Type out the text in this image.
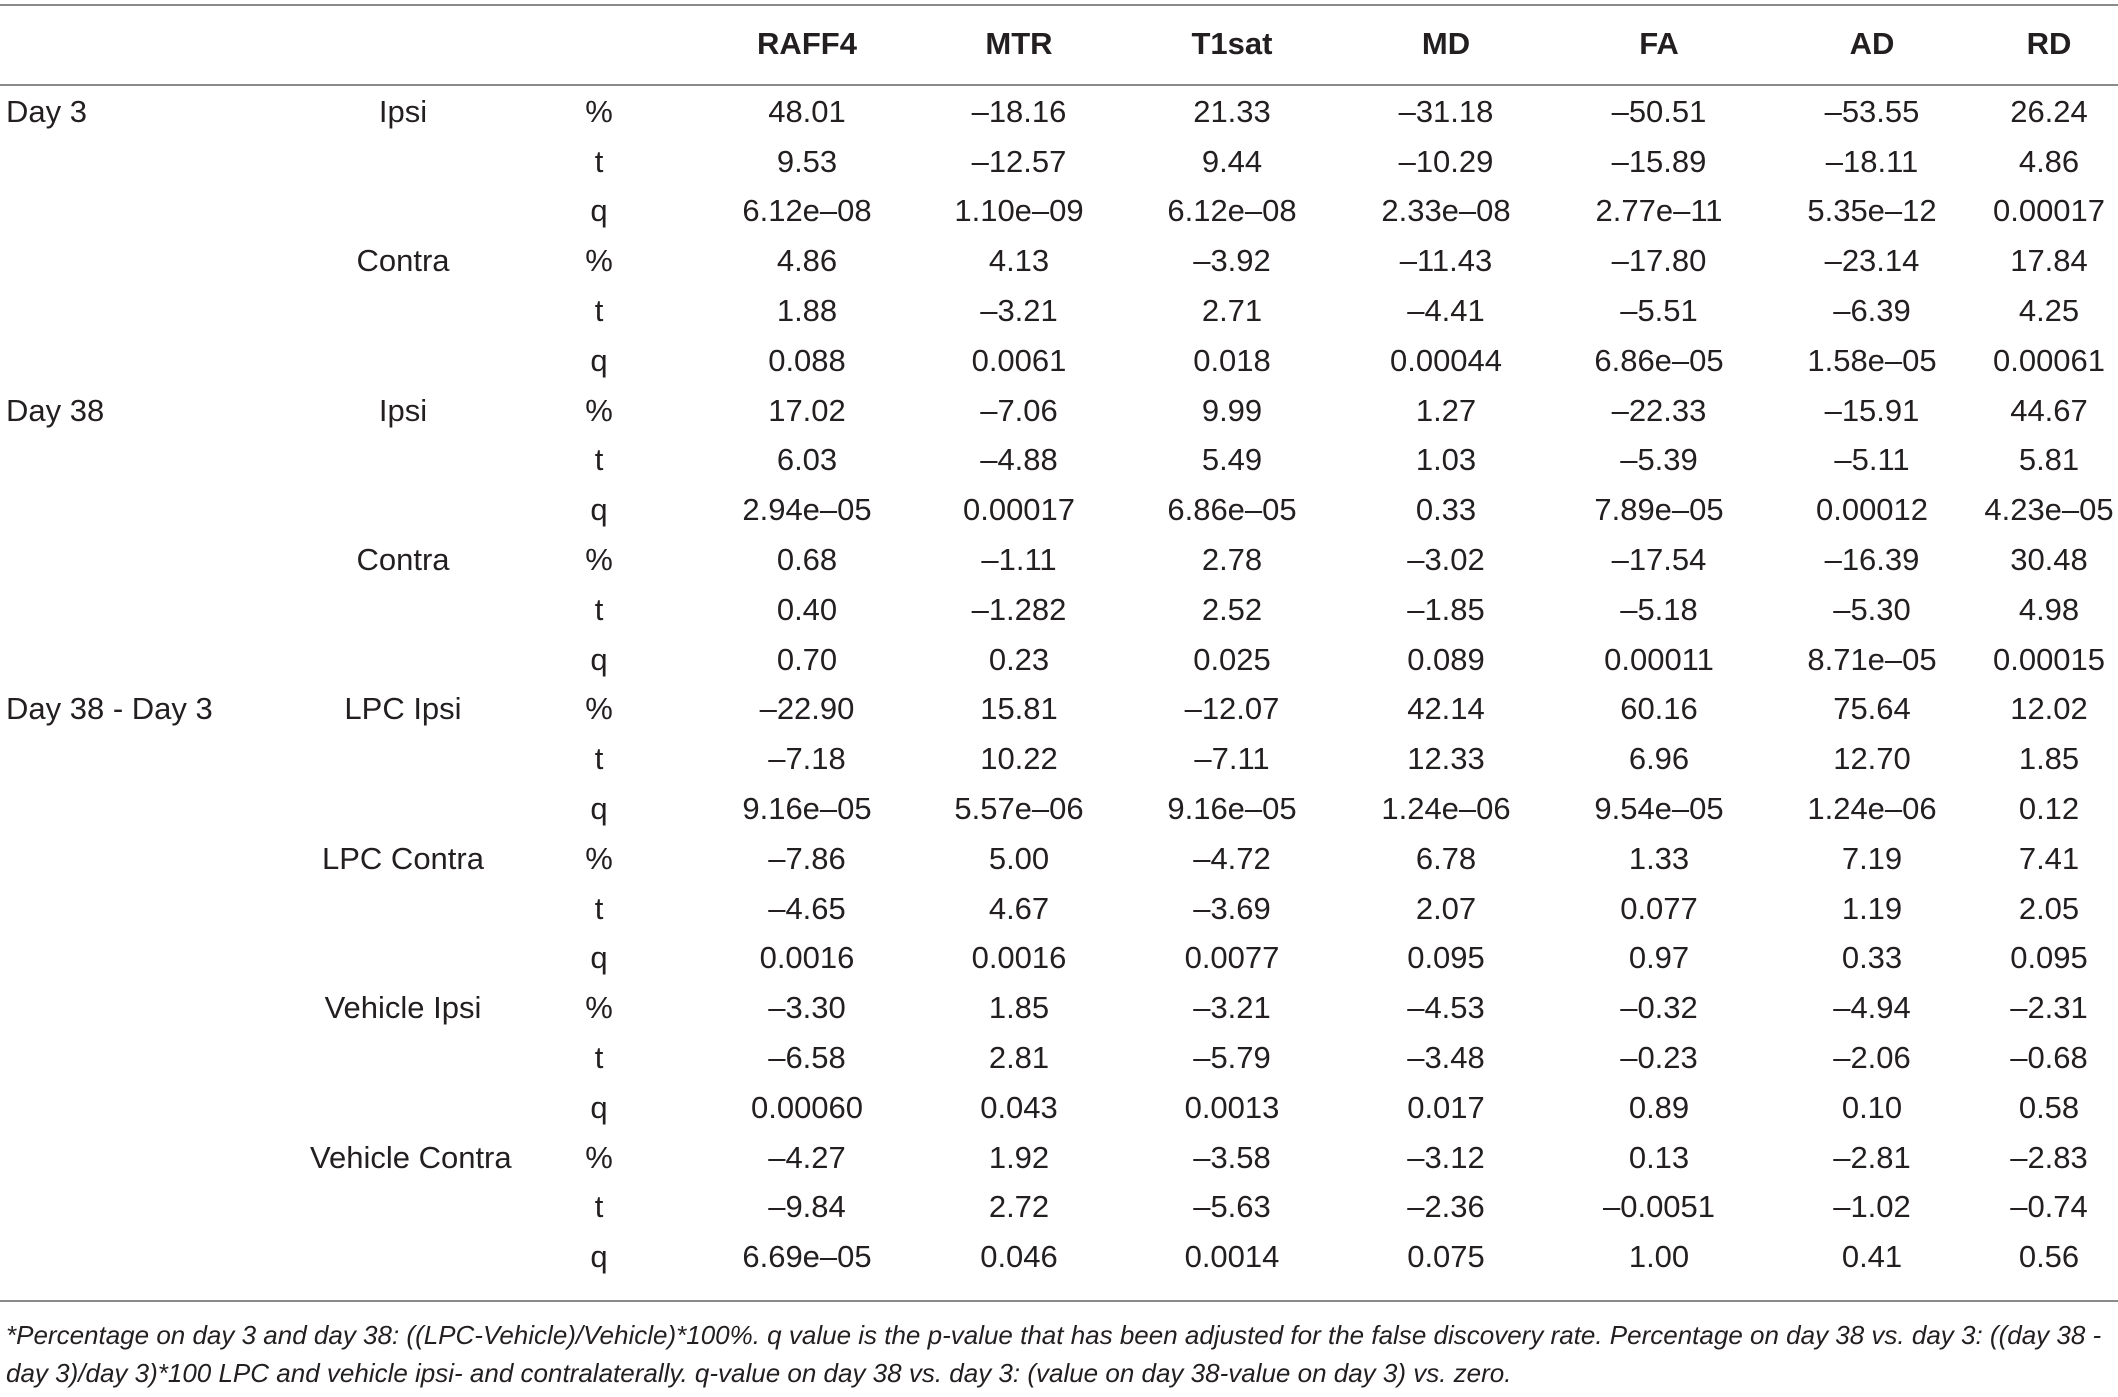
			RAFF4	MTR	T1sat	MD	FA	AD	RD

Day 3	Ipsi	%	48.01	–18.16	21.33	–31.18	–50.51	–53.55	26.24
		t	9.53	–12.57	9.44	–10.29	–15.89	–18.11	4.86
		q	6.12e–08	1.10e–09	6.12e–08	2.33e–08	2.77e–11	5.35e–12	0.00017
	Contra	%	4.86	4.13	–3.92	–11.43	–17.80	–23.14	17.84
		t	1.88	–3.21	2.71	–4.41	–5.51	–6.39	4.25
		q	0.088	0.0061	0.018	0.00044	6.86e–05	1.58e–05	0.00061
Day 38	Ipsi	%	17.02	–7.06	9.99	1.27	–22.33	–15.91	44.67
		t	6.03	–4.88	5.49	1.03	–5.39	–5.11	5.81
		q	2.94e–05	0.00017	6.86e–05	0.33	7.89e–05	0.00012	4.23e–05
	Contra	%	0.68	–1.11	2.78	–3.02	–17.54	–16.39	30.48
		t	0.40	–1.282	2.52	–1.85	–5.18	–5.30	4.98
		q	0.70	0.23	0.025	0.089	0.00011	8.71e–05	0.00015
Day 38 - Day 3	LPC Ipsi	%	–22.90	15.81	–12.07	42.14	60.16	75.64	12.02
		t	–7.18	10.22	–7.11	12.33	6.96	12.70	1.85
		q	9.16e–05	5.57e–06	9.16e–05	1.24e–06	9.54e–05	1.24e–06	0.12
	LPC Contra	%	–7.86	5.00	–4.72	6.78	1.33	7.19	7.41
		t	–4.65	4.67	–3.69	2.07	0.077	1.19	2.05
		q	0.0016	0.0016	0.0077	0.095	0.97	0.33	0.095
	Vehicle Ipsi	%	–3.30	1.85	–3.21	–4.53	–0.32	–4.94	–2.31
		t	–6.58	2.81	–5.79	–3.48	–0.23	–2.06	–0.68
		q	0.00060	0.043	0.0013	0.017	0.89	0.10	0.58
	Vehicle Contra	%	–4.27	1.92	–3.58	–3.12	0.13	–2.81	–2.83
		t	–9.84	2.72	–5.63	–2.36	–0.0051	–1.02	–0.74
		q	6.69e–05	0.046	0.0014	0.075	1.00	0.41	0.56
*Percentage on day 3 and day 38: ((LPC-Vehicle)/Vehicle)*100%. q value is the p-value that has been adjusted for the false discovery rate. Percentage on day 38 vs. day 3: ((day 38 - day 3)/day 3)*100 LPC and vehicle ipsi- and contralaterally. q-value on day 38 vs. day 3: (value on day 38-value on day 3) vs. zero.
